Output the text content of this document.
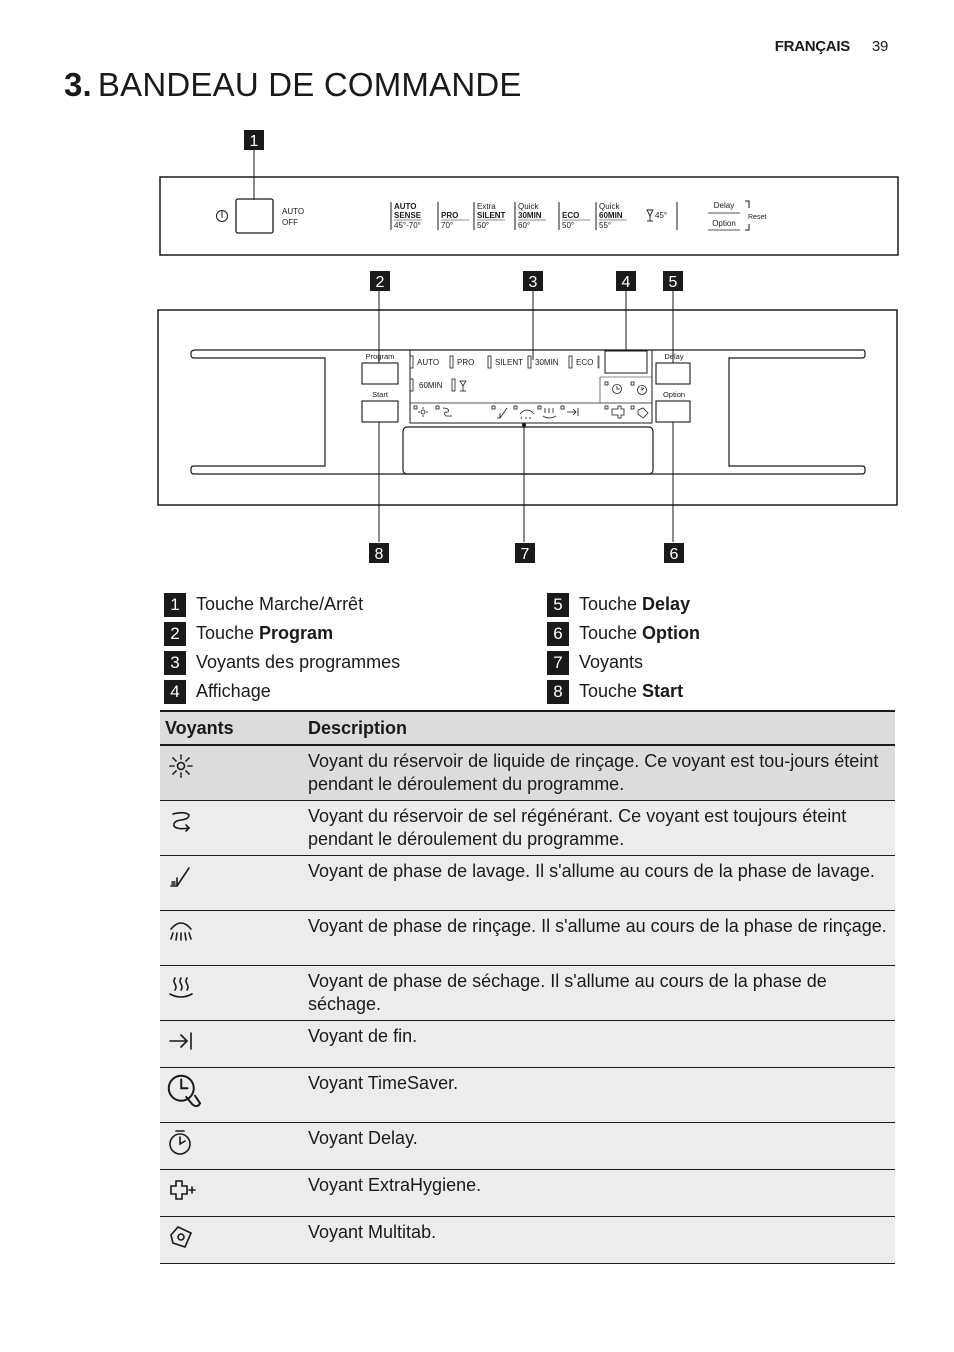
FRANÇAIS 39
3. BANDEAU DE COMMANDE
1
AUTO
OFF
AUTO
SENSE
45°-70°
PRO
70°
Extra
SILENT
50°
Quick
30MIN
60°
ECO
50°
Quick
60MIN
55°
45°
Delay
Option
Reset
Program
Start
Delay
Option
AUTO PRO	SILENT 30MIN ECO
60MIN
2	3	4 5
6
7
8
1 Touche Marche/Arrêt
2 Touche Program
3 Voyants des programmes
4 Affichage
5 Touche Delay
6 Touche Option
7 Voyants
8 Touche Start
Voyants	Description
	Voyant du réservoir de liquide de rinçage. Ce voyant est tou-jours éteint pendant le déroulement du programme.
	Voyant du réservoir de sel régénérant. Ce voyant est toujours éteint pendant le déroulement du programme.
	Voyant de phase de lavage. Il s'allume au cours de la phase de lavage.
	Voyant de phase de rinçage. Il s'allume au cours de la phase de rinçage.
	Voyant de phase de séchage. Il s'allume au cours de la phase de séchage.
	Voyant de fin.
	Voyant TimeSaver.
	Voyant Delay.
	Voyant ExtraHygiene.
	Voyant Multitab.
